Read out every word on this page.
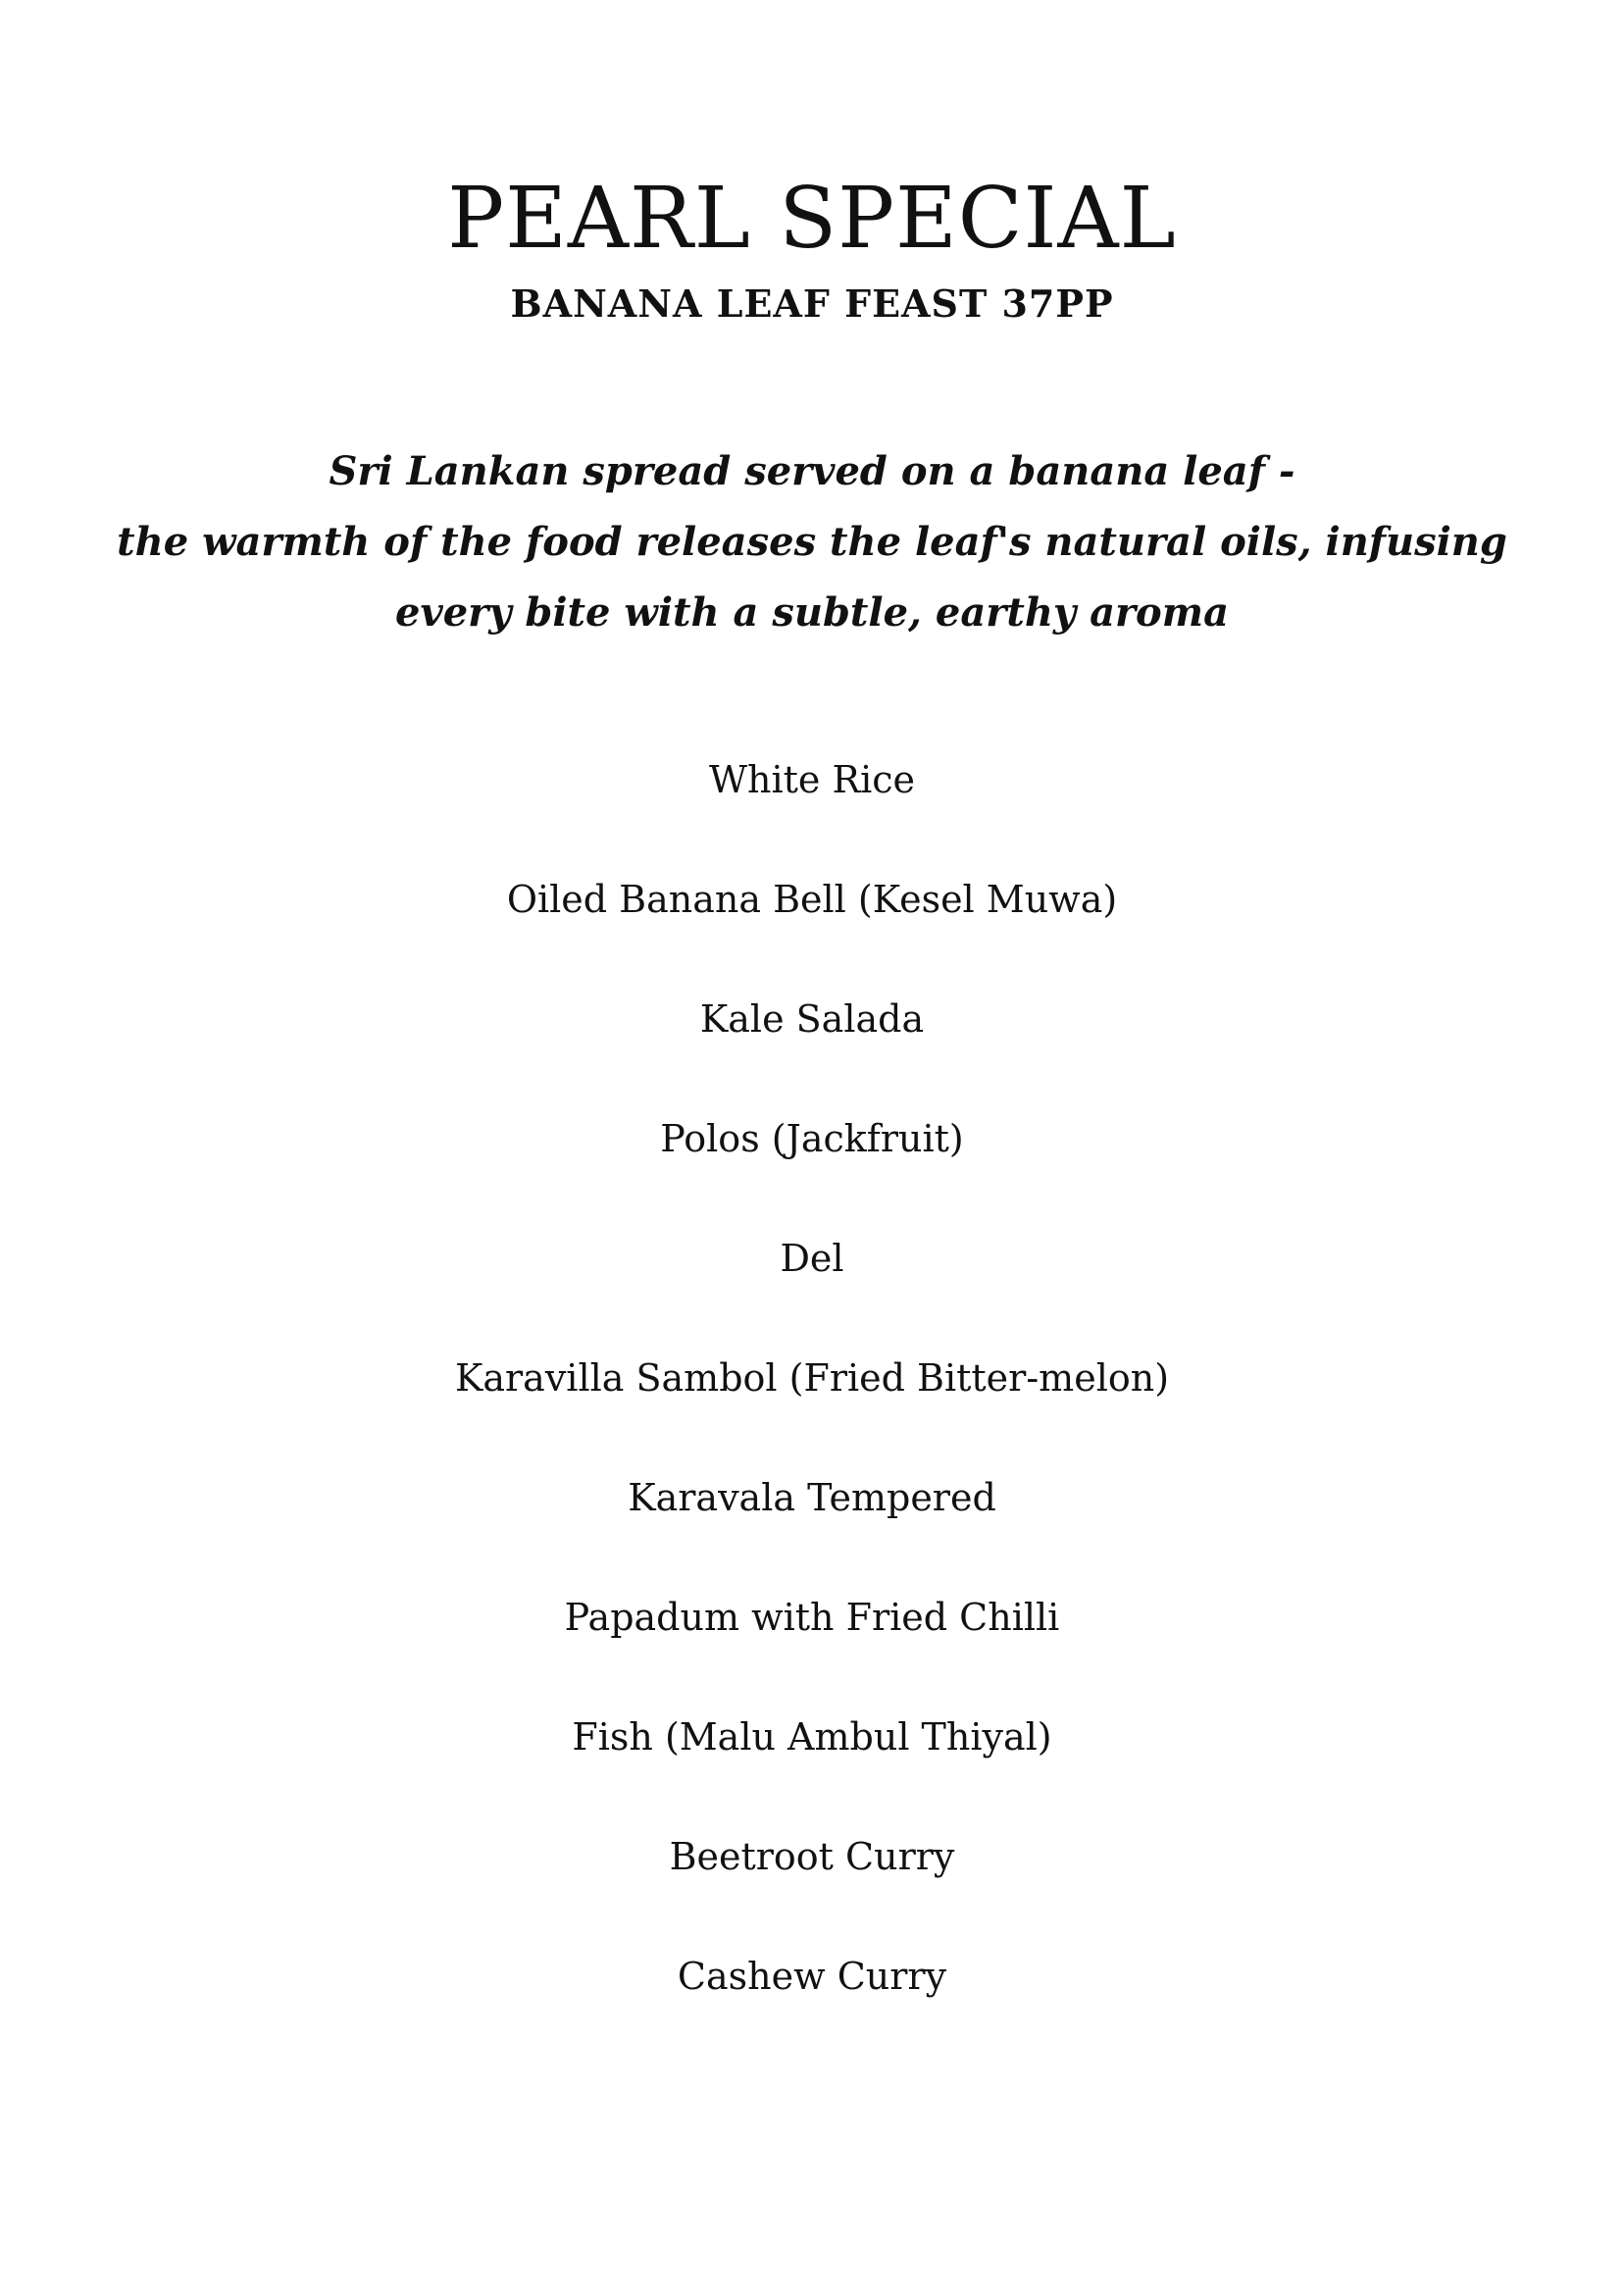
PEARL SPECIAL
BANANA LEAF FEAST 37PP

Sri Lankan spread served on a banana leaf -
the warmth of the food releases the leaf's natural oils, infusing
every bite with a subtle, earthy aroma

White Rice
Oiled Banana Bell (Kesel Muwa)
Kale Salada
Polos (Jackfruit)
Del
Karavilla Sambol (Fried Bitter-melon)
Karavala Tempered
Papadum with Fried Chilli
Fish (Malu Ambul Thiyal)
Beetroot Curry
Cashew Curry
